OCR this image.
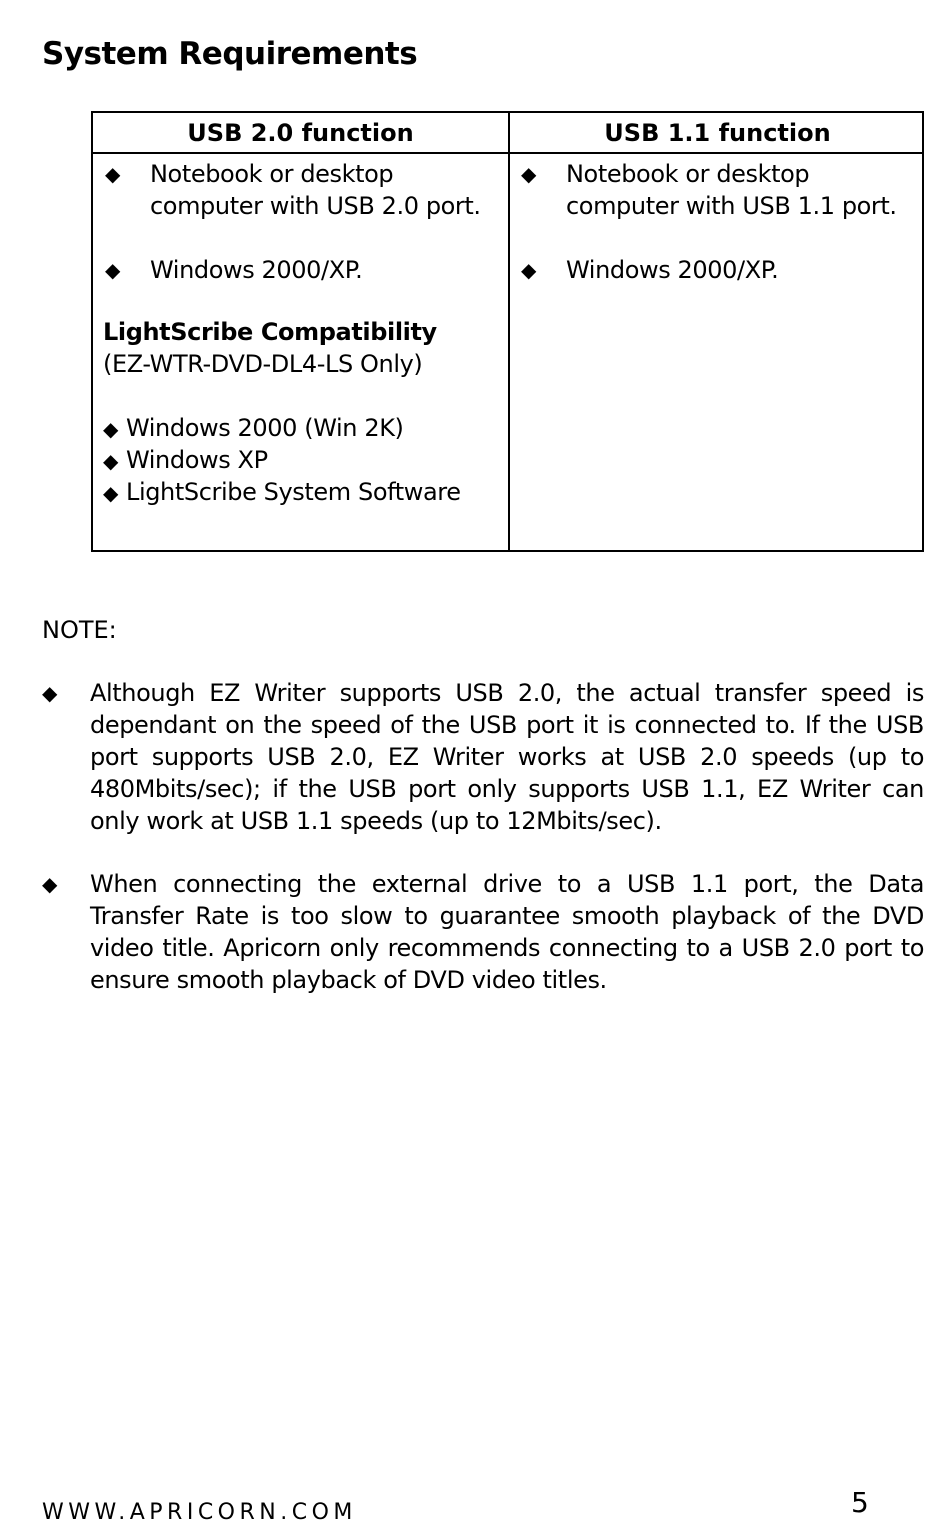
System Requirements
USB 2.0 function	USB 1.1 function
◆ Notebook or desktop
computer with USB 2.0 port.
◆ Windows 2000/XP.
LightScribe Compatibility
(EZ-WTR-DVD-DL4-LS Only)
◆ Windows 2000 (Win 2K)
◆ Windows XP
◆ LightScribe System Software
◆ Notebook or desktop
computer with USB 1.1 port.
◆ Windows 2000/XP.
NOTE:
◆ Although EZ Writer supports USB 2.0, the actual transfer speed is dependant on the speed of the USB port it is connected to. If the USB port supports USB 2.0, EZ Writer works at USB 2.0 speeds (up to 480Mbits/sec); if the USB port only supports USB 1.1, EZ Writer can only work at USB 1.1 speeds (up to 12Mbits/sec).
◆ When connecting the external drive to a USB 1.1 port, the Data Transfer Rate is too slow to guarantee smooth playback of the DVD video title. Apricorn only recommends connecting to a USB 2.0 port to ensure smooth playback of DVD video titles.
WWW.APRICORN.COM	5
